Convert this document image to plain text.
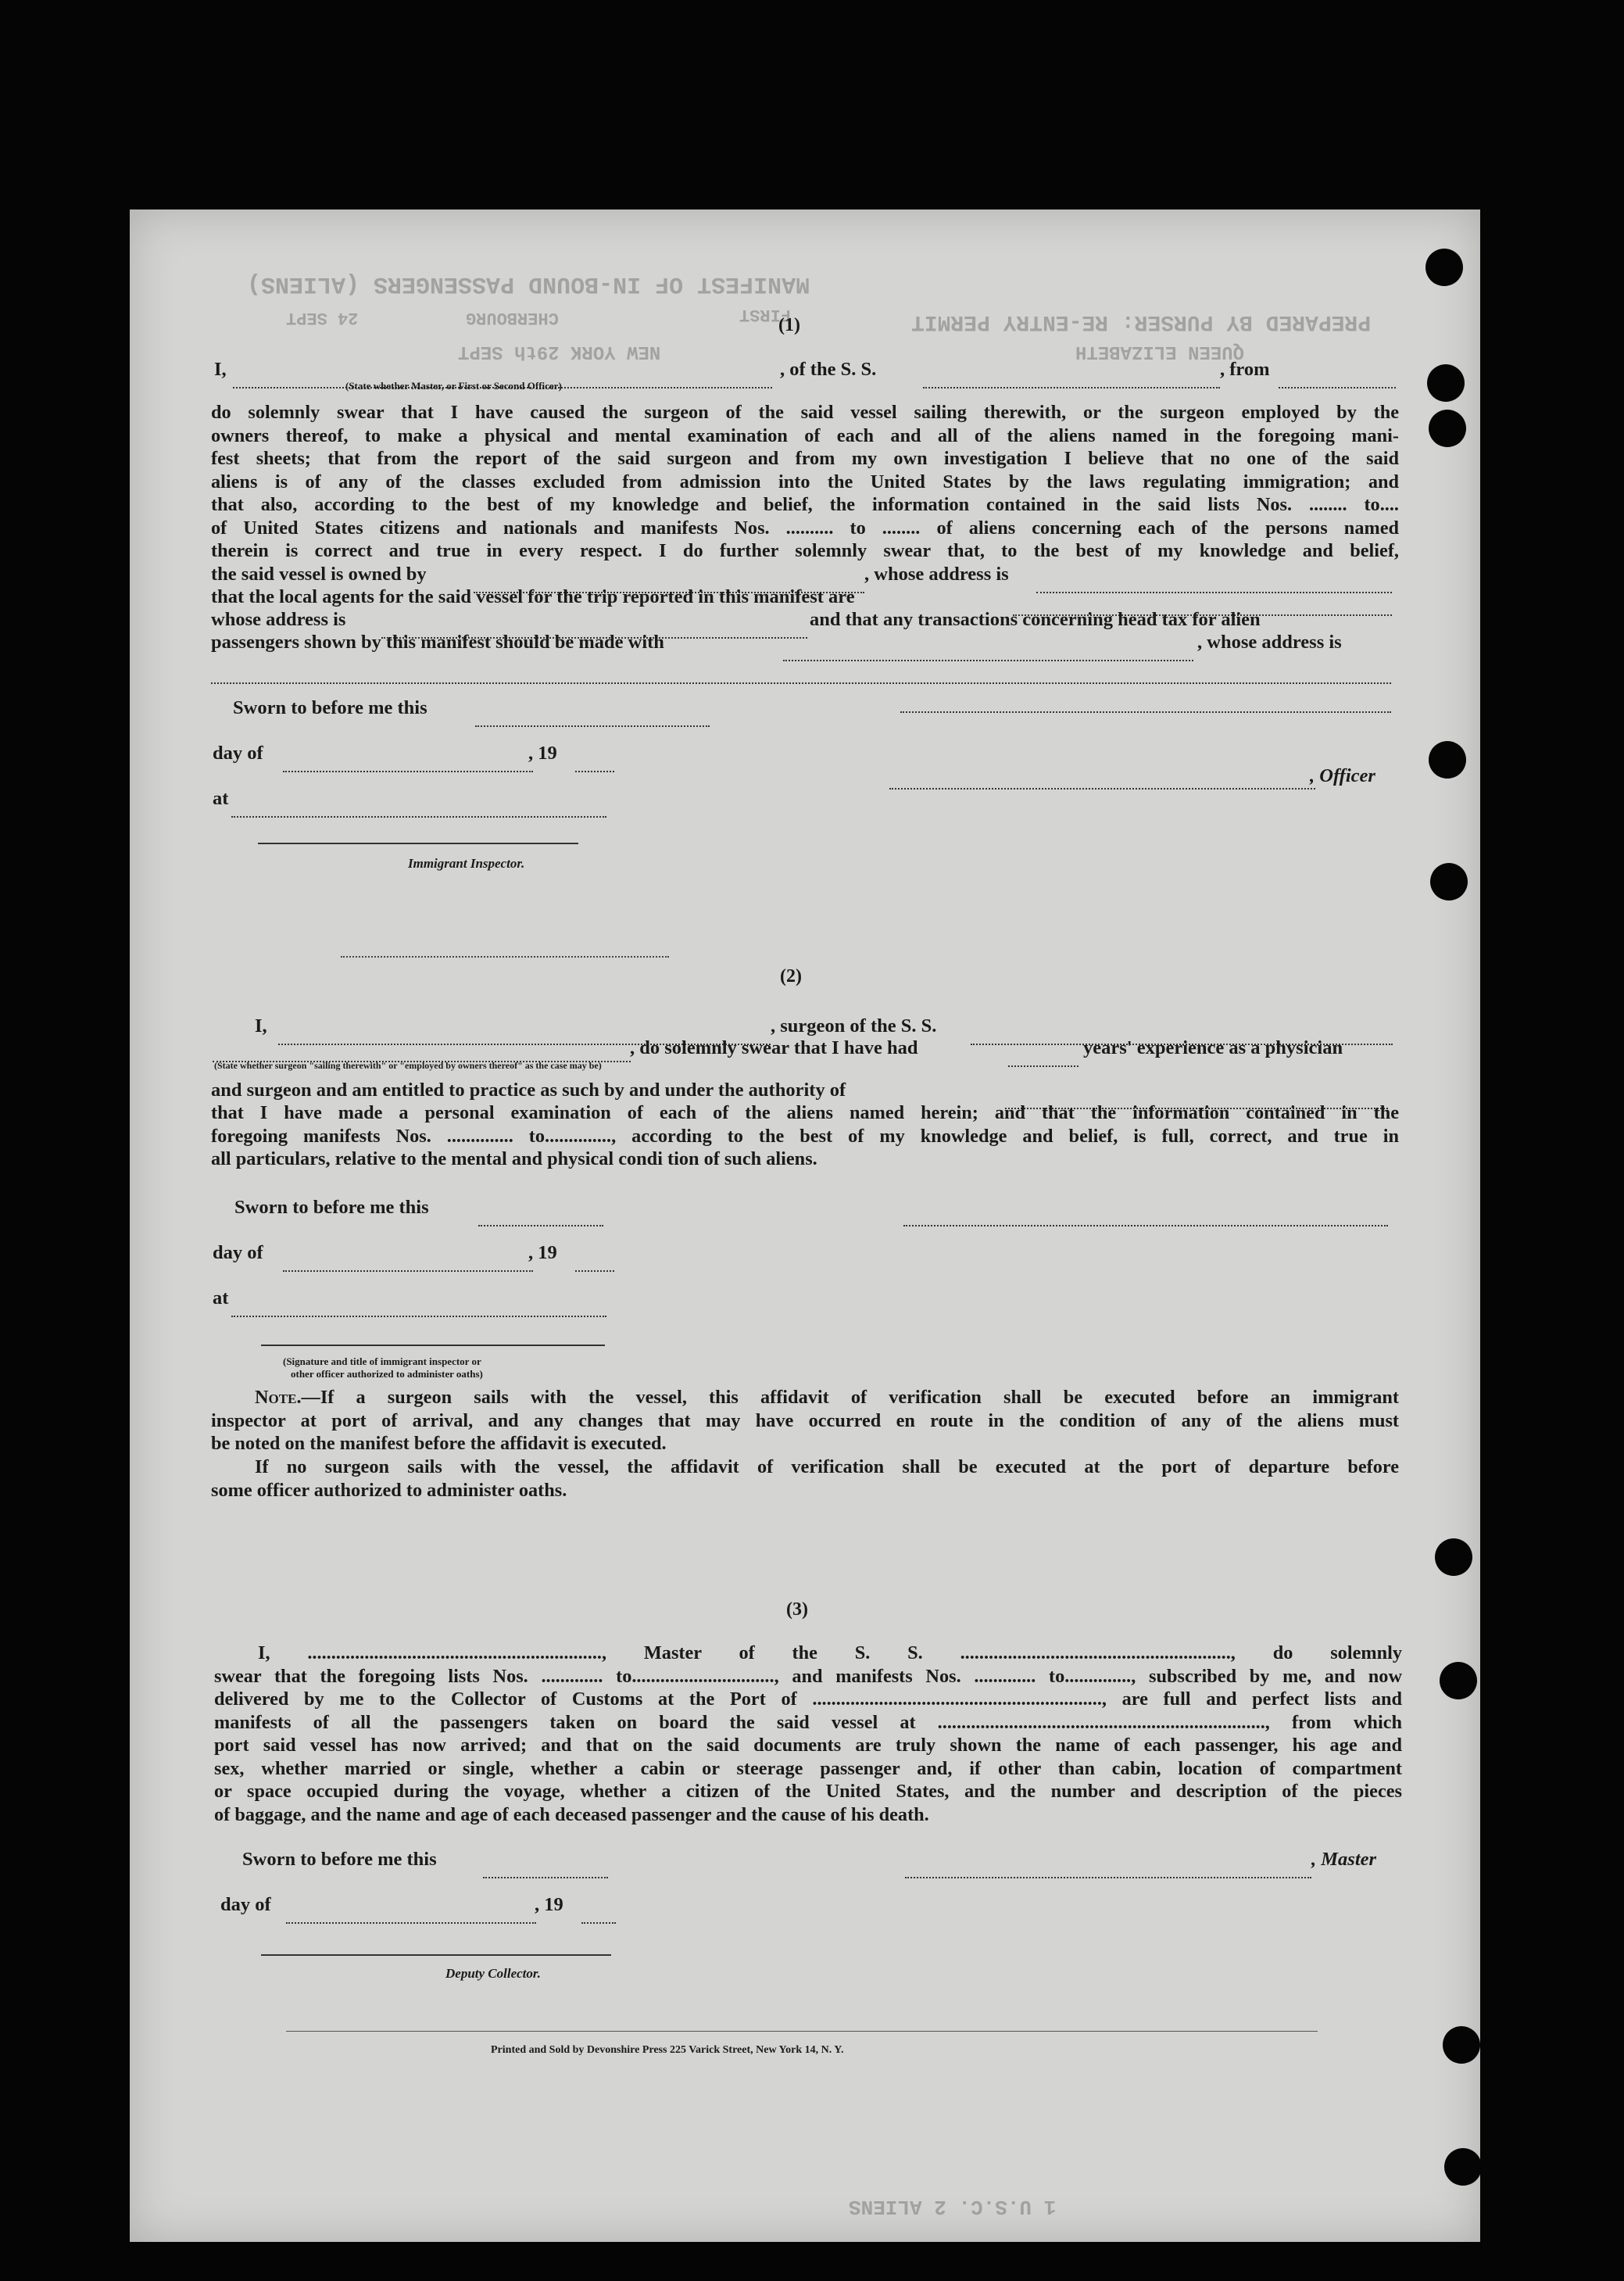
MANIFEST OF IN-BOUND PASSENGERS (ALIENS)
PREPARED BY PURSER: RE-ENTRY PERMIT
QUEEN ELIZABETH
NEW YORK 29th SEPT
CHERBOURG
24 SEPT	FIRST
1 U.S.C. 2 ALIENS
(1)
I,	, of the S. S.	, from
(State whether Master, or First or Second Officer)
do solemnly swear that I have caused the surgeon of the said vessel sailing therewith, or the surgeon employed by the
owners thereof, to make a physical and mental examination of each and all of the aliens named in the foregoing mani-
fest sheets; that from the report of the said surgeon and from my own investigation I believe that no one of the said
aliens is of any of the classes excluded from admission into the United States by the laws regulating immigration; and
that also, according to the best of my knowledge and belief, the information contained in the said lists Nos. ........ to....
of United States citizens and nationals and manifests Nos. .......... to ........ of aliens concerning each of the persons named
therein is correct and true in every respect. I do further solemnly swear that, to the best of my knowledge and belief,
the said vessel is owned by	, whose address is
that the local agents for the said vessel for the trip reported in this manifest are
whose address is	and that any transactions concerning head tax for alien
passengers shown by this manifest should be made with	, whose address is
Sworn to before me this
day of	, 19
, Officer
at
Immigrant Inspector.
(2)
I,	, surgeon of the S. S.
, do solemnly swear that I have had	years' experience as a physician
(State whether surgeon "sailing therewith" or "employed by owners thereof" as the case may be)
and surgeon and am entitled to practice as such by and under the authority of
that I have made a personal examination of each of the aliens named herein; and that the information contained in the
foregoing manifests Nos. .............. to.............., according to the best of my knowledge and belief, is full, correct, and true in
all particulars, relative to the mental and physical condi tion of such aliens.
Sworn to before me this
day of	, 19
at
(Signature and title of immigrant inspector or
other officer authorized to administer oaths)
Note.—If a surgeon sails with the vessel, this affidavit of verification shall be executed before an immigrant
inspector at port of arrival, and any changes that may have occurred en route in the condition of any of the aliens must
be noted on the manifest before the affidavit is executed.
If no surgeon sails with the vessel, the affidavit of verification shall be executed at the port of departure before
some officer authorized to administer oaths.
(3)
I, .............................................................., Master of the S. S. ........................................................., do solemnly
swear that the foregoing lists Nos. ............. to.............................., and manifests Nos. ............. to.............., subscribed by me, and now
delivered by me to the Collector of Customs at the Port of ............................................................., are full and perfect lists and
manifests of all the passengers taken on board the said vessel at ....................................................................., from which
port said vessel has now arrived; and that on the said documents are truly shown the name of each passenger, his age and
sex, whether married or single, whether a cabin or steerage passenger and, if other than cabin, location of compartment
or space occupied during the voyage, whether a citizen of the United States, and the number and description of the pieces
of baggage, and the name and age of each deceased passenger and the cause of his death.
Sworn to before me this	, Master
day of	, 19
Deputy Collector.
Printed and Sold by Devonshire Press 225 Varick Street, New York 14, N. Y.
